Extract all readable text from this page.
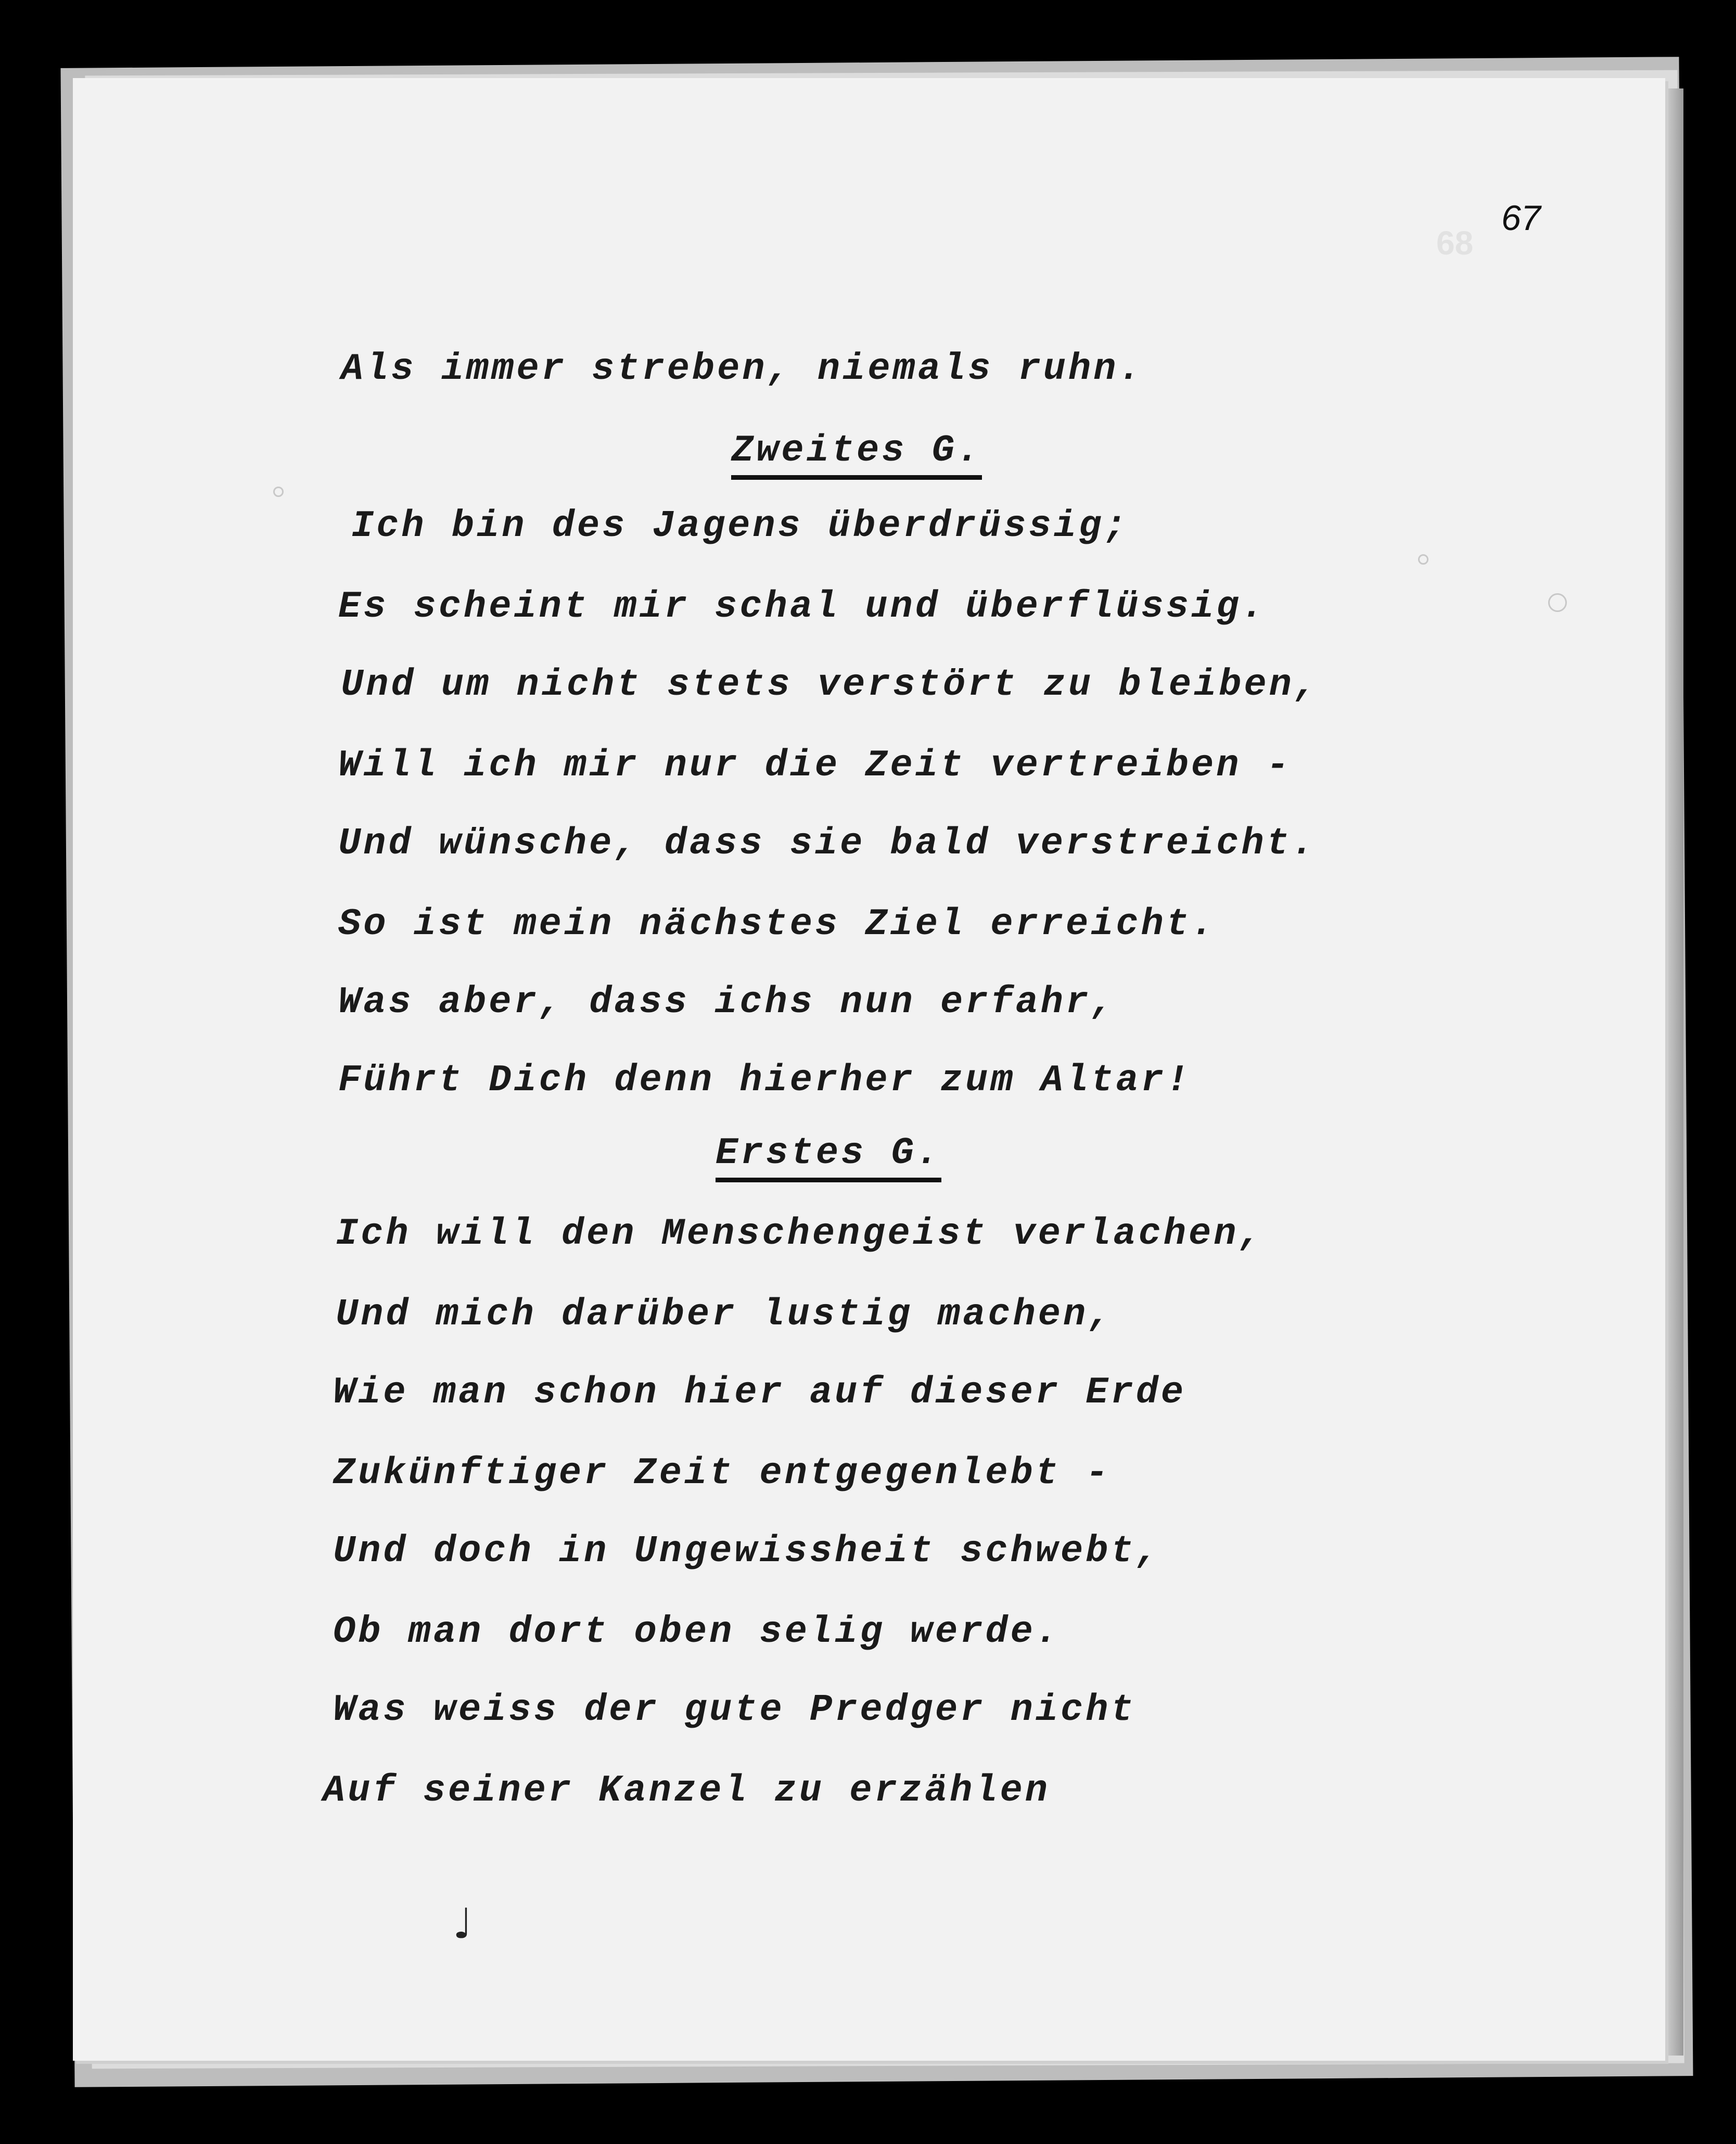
68
67
Als immer streben, niemals ruhn.
Zweites G.
Ich bin des Jagens überdrüssig;
Es scheint mir schal und überflüssig.
Und um nicht stets verstört zu bleiben,
Will ich mir nur die Zeit vertreiben -
Und wünsche, dass sie bald verstreicht.
So ist mein nächstes Ziel erreicht.
Was aber, dass ichs nun erfahr,
Führt Dich denn hierher zum Altar!
Erstes G.
Ich will den Menschengeist verlachen,
Und mich darüber lustig machen,
Wie man schon hier auf dieser Erde
Zukünftiger Zeit entgegenlebt -
Und doch in Ungewissheit schwebt,
Ob man dort oben selig werde.
Was weiss der gute Predger nicht
Auf seiner Kanzel zu erzählen
♩
